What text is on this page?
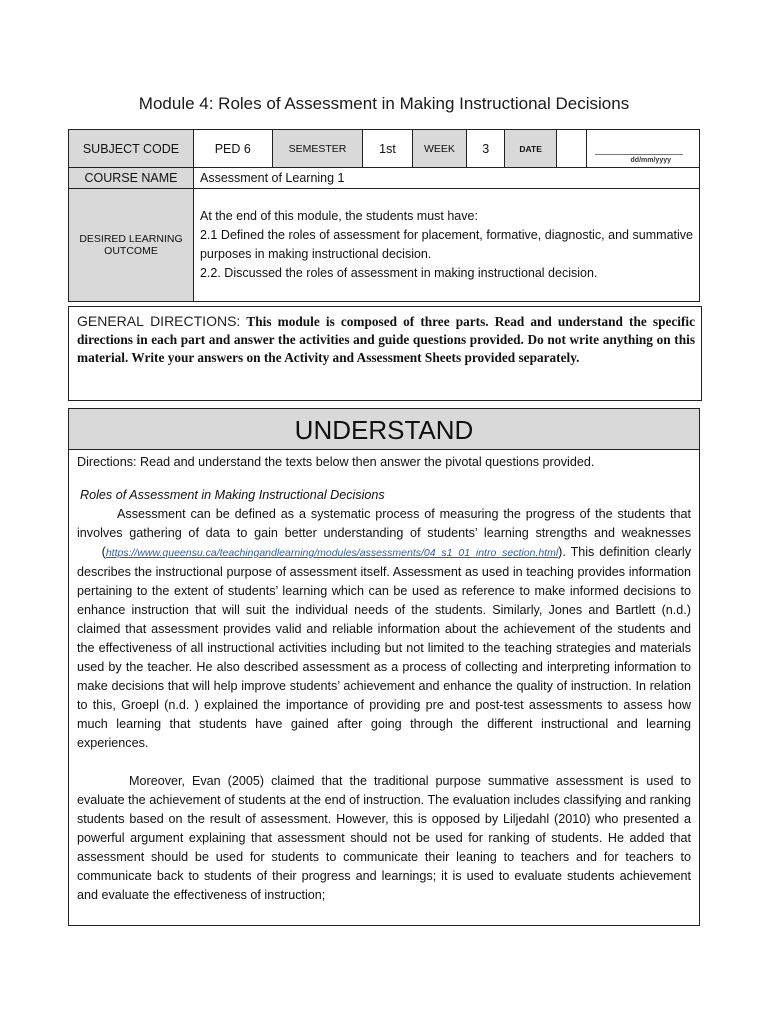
Module 4: Roles of Assessment in Making Instructional Decisions
SUBJECT CODE	PED 6	SEMESTER	1st	WEEK	3	DATE		dd/mm/yyyy

COURSE NAME	Assessment of Learning 1							
DESIRED LEARNING OUTCOME	At the end of this module, the students must have:

2.1 Defined the roles of assessment for placement, formative, diagnostic, and summative purposes in making instructional decision.

2.2. Discussed the roles of assessment in making instructional decision.							

GENERAL DIRECTIONS: This module is composed of three parts. Read and understand the specific directions in each part and answer the activities and guide questions provided. Do not write anything on this material. Write your answers on the Activity and Assessment Sheets provided separately.
UNDERSTAND

Directions: Read and understand the texts below then answer the pivotal questions provided.

Roles of Assessment in Making Instructional Decisions

Assessment can be defined as a systematic process of measuring the progress of the students that involves gathering of data to gain better understanding of students’ learning strengths and weaknesses      (https://www.queensu.ca/teachingandlearning/modules/assessments/04_s1_01_intro_section.html). This definition clearly describes the instructional purpose of assessment itself. Assessment as used in teaching provides information pertaining to the extent of students’ learning which can be used as reference to make informed decisions to enhance instruction that will suit the individual needs of the students. Similarly, Jones and Bartlett (n.d.) claimed that assessment provides valid and reliable information about the achievement of the students and the effectiveness of all instructional activities including but not limited to the teaching strategies and materials used by the teacher. He also described assessment as a process of collecting and interpreting information to make decisions that will help improve students’ achievement and enhance the quality of instruction. In relation to this, Groepl (n.d. ) explained the importance of providing pre and post-test assessments to assess how much learning that students have gained after going through the different instructional and learning experiences.

Moreover, Evan (2005) claimed that the traditional purpose summative assessment is used to evaluate the achievement of students at the end of instruction. The evaluation includes classifying and ranking students based on the result of assessment. However, this is opposed by Liljedahl (2010) who presented a powerful argument explaining that assessment should not be used for ranking of students. He added that assessment should be used for students to communicate their leaning to teachers and for teachers to communicate back to students of their progress and learnings; it is used to evaluate students achievement and evaluate the effectiveness of instruction;
